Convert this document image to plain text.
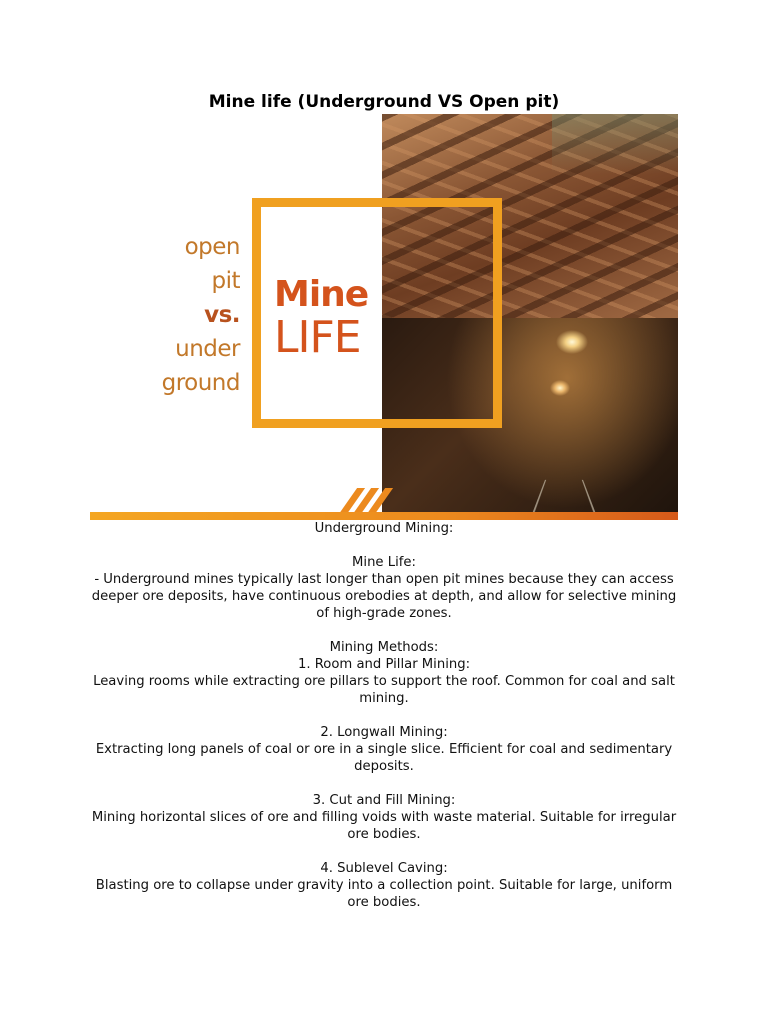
Mine life (Underground VS Open pit)
open
pit
vs.
under
ground
Mine
LIFE

Underground Mining:

Mine Life:

- Underground mines typically last longer than open pit mines because they can access deeper ore deposits, have continuous orebodies at depth, and allow for selective mining of high-grade zones.

Mining Methods:

1. Room and Pillar Mining:

Leaving rooms while extracting ore pillars to support the roof. Common for coal and salt mining.

2. Longwall Mining:

Extracting long panels of coal or ore in a single slice. Efficient for coal and sedimentary deposits.

3. Cut and Fill Mining:

Mining horizontal slices of ore and filling voids with waste material. Suitable for irregular ore bodies.

4. Sublevel Caving:

Blasting ore to collapse under gravity into a collection point. Suitable for large, uniform ore bodies.
